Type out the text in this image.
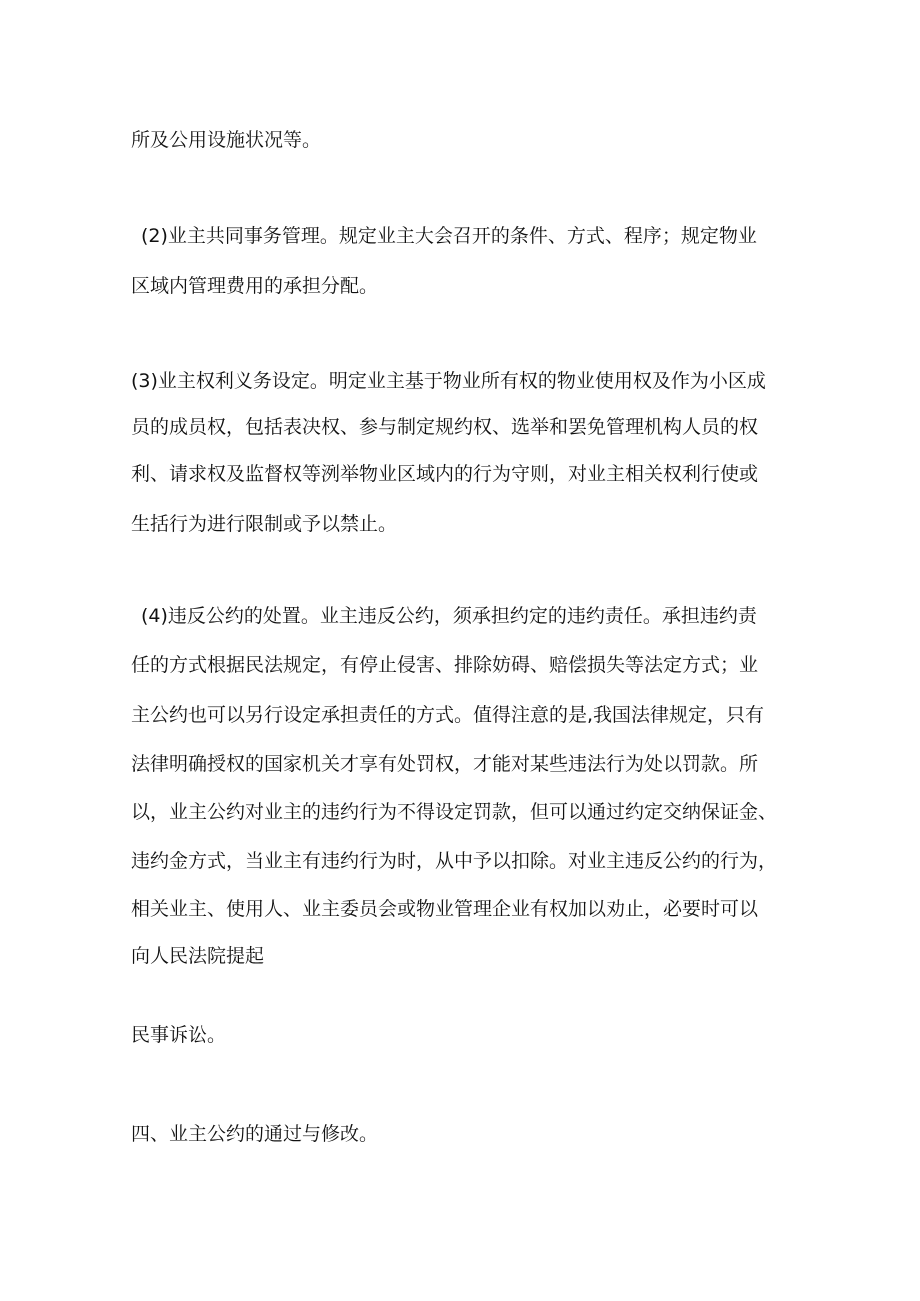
所及公用设施状况等。
(2)业主共同事务管理。规定业主大会召开的条件、方式、程序；规定物业
区域内管理费用的承担分配。
(3)业主权利义务设定。明定业主基于物业所有权的物业使用权及作为小区成
员的成员权，包括表决权、参与制定规约权、选举和罢免管理机构人员的权
利、请求权及监督权等洌举物业区域内的行为守则，对业主相关权利行使或
生括行为进行限制或予以禁止。
(4)违反公约的处置。业主违反公约，须承担约定的违约责任。承担违约责
任的方式根据民法规定，有停止侵害、排除妨碍、赔偿损失等法定方式；业
主公约也可以另行设定承担责任的方式。值得注意的是,我国法律规定，只有
法律明确授权的国家机关才享有处罚权，才能对某些违法行为处以罚款。所
以，业主公约对业主的违约行为不得设定罚款，但可以通过约定交纳保证金、
违约金方式，当业主有违约行为时，从中予以扣除。对业主违反公约的行为，
相关业主、使用人、业主委员会或物业管理企业有权加以劝止，必要时可以
向人民法院提起
民事诉讼。
四、业主公约的通过与修改。
